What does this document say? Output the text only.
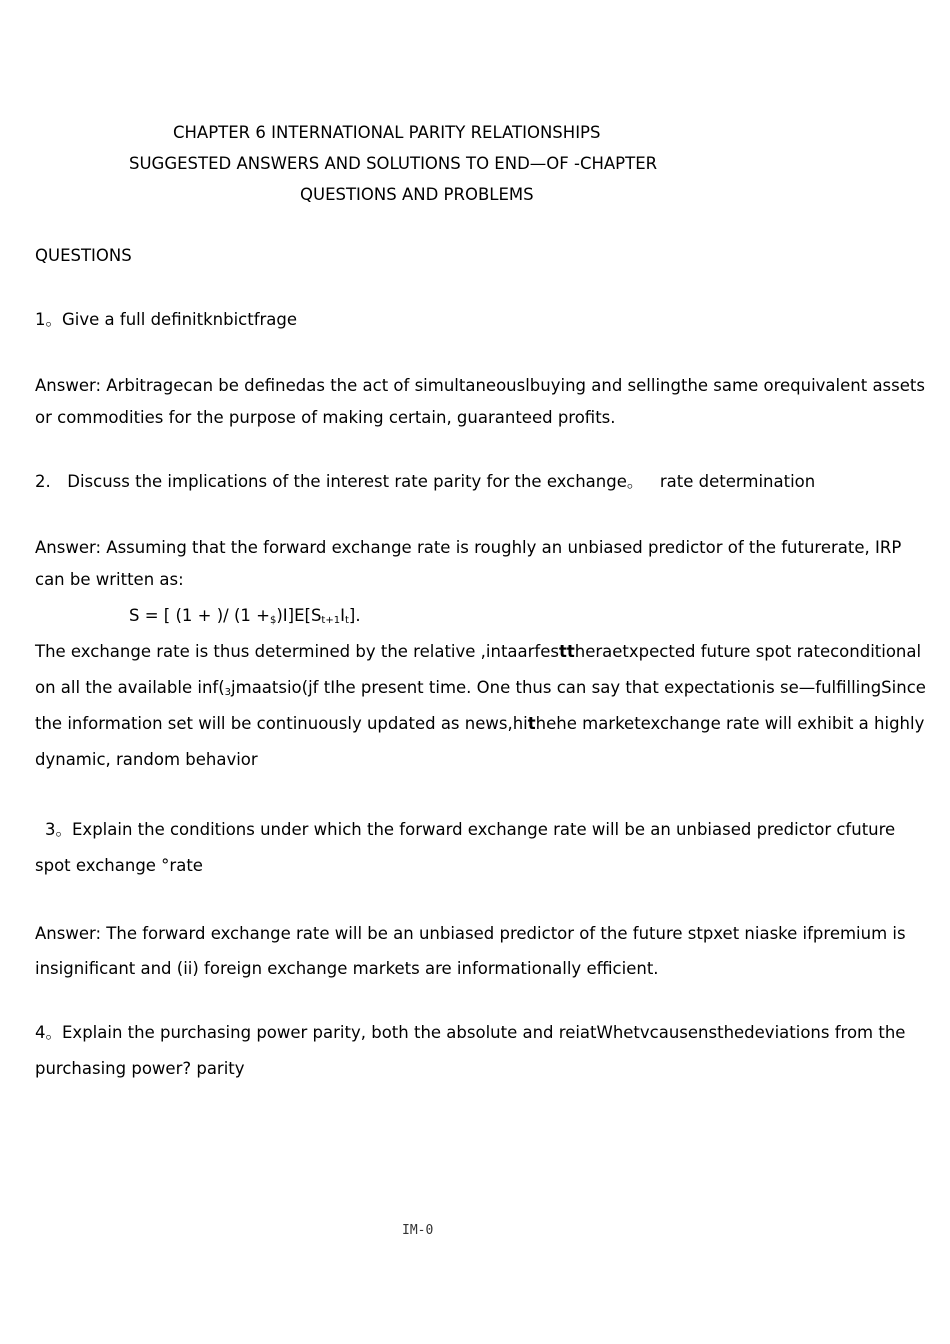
CHAPTER 6 INTERNATIONAL PARITY RELATIONSHIPS
SUGGESTED ANSWERS AND SOLUTIONS TO END—OF -CHAPTER
QUESTIONS AND PROBLEMS
QUESTIONS
1。Give a full definitknbictfrage
Answer: Arbitragecan be definedas the act of simultaneouslbuying and sellingthe same orequivalent assets
or commodities for the purpose of making certain, guaranteed profits.
2. Discuss the implications of the interest rate parity for the exchange。 rate determination
Answer: Assuming that the forward exchange rate is roughly an unbiased predictor of the futurerate, IRP
can be written as:
S = [ (1 + )/ $(1 +_{\$})I]E[S_{t+1}I_t]$.
The exchange rate is thus determined by the relative ,intaarfesttheraetxpected future spot rateconditional
on all the available $inf(_3jmaatsio(jf$ tIhe present time. One thus can say that expectationis se—fulfillingSince
the information set will be continuously updated as news,hithehe marketexchange rate will exhibit a highly
dynamic, random behavior
3。Explain the conditions under which the forward exchange rate will be an unbiased predictor cfuture
spot exchange °rate
Answer: The forward exchange rate will be an unbiased predictor of the future stpxet niaske ifpremium is
insignificant and (ii) foreign exchange markets are informationally efficient.
4。Explain the purchasing power parity, both the absolute and reiatWhetvcausensthedeviations from the
purchasing power? parity
IM-0
